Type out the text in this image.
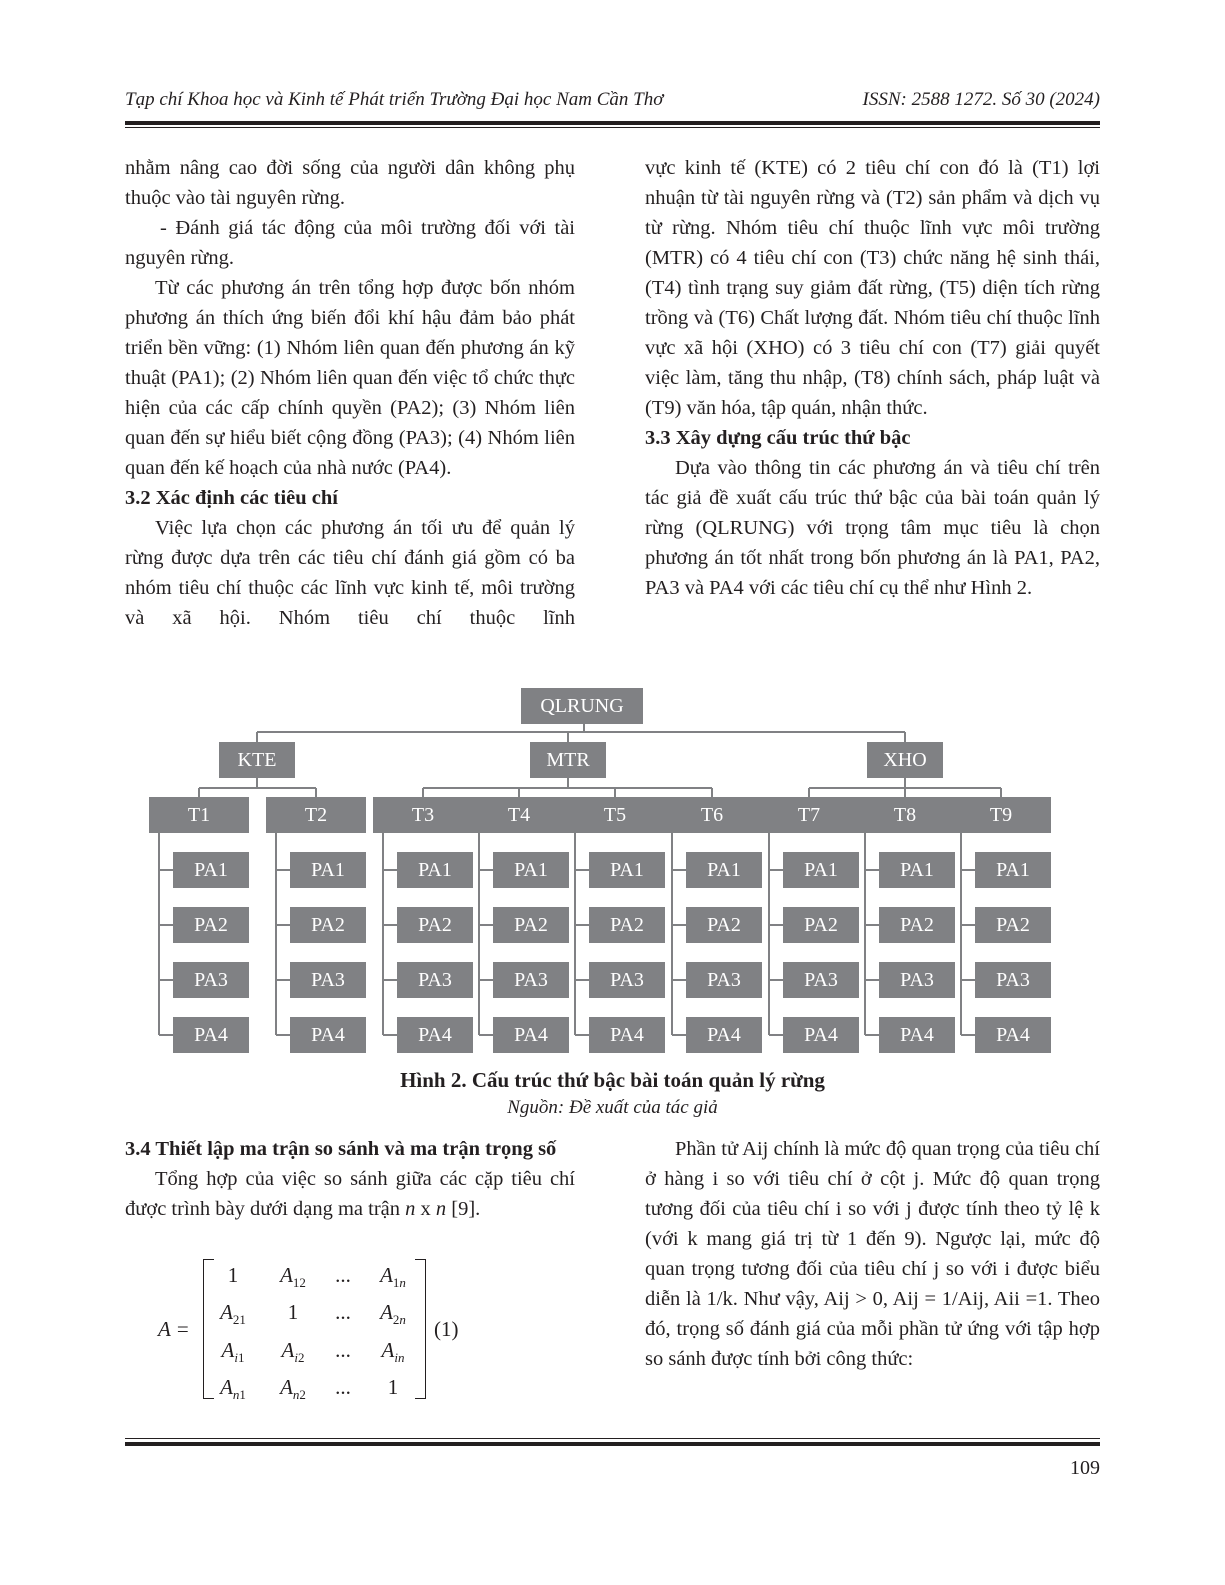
Tạp chí Khoa học và Kinh tế Phát triển Trường Đại học Nam Cần Thơ	ISSN: 2588 1272. Số 30 (2024)

nhằm nâng cao đời sống của người dân không phụ thuộc vào tài nguyên rừng.

- Đánh giá tác động của môi trường đối với tài nguyên rừng.

Từ các phương án trên tổng hợp được bốn nhóm phương án thích ứng biến đổi khí hậu đảm bảo phát triển bền vững: (1) Nhóm liên quan đến phương án kỹ thuật (PA1); (2) Nhóm liên quan đến việc tổ chức thực hiện của các cấp chính quyền (PA2); (3) Nhóm liên quan đến sự hiểu biết cộng đồng (PA3); (4) Nhóm liên quan đến kế hoạch của nhà nước (PA4).

3.2 Xác định các tiêu chí

Việc lựa chọn các phương án tối ưu để quản lý rừng được dựa trên các tiêu chí đánh giá gồm có ba nhóm tiêu chí thuộc các lĩnh vực kinh tế, môi trường và xã hội. Nhóm tiêu chí thuộc lĩnh

vực kinh tế (KTE) có 2 tiêu chí con đó là (T1) lợi nhuận từ tài nguyên rừng và (T2) sản phẩm và dịch vụ từ rừng. Nhóm tiêu chí thuộc lĩnh vực môi trường (MTR) có 4 tiêu chí con (T3) chức năng hệ sinh thái, (T4) tình trạng suy giảm đất rừng, (T5) diện tích rừng trồng và (T6) Chất lượng đất. Nhóm tiêu chí thuộc lĩnh vực xã hội (XHO) có 3 tiêu chí con (T7) giải quyết việc làm, tăng thu nhập, (T8) chính sách, pháp luật và (T9) văn hóa, tập quán, nhận thức.

3.3 Xây dựng cấu trúc thứ bậc

Dựa vào thông tin các phương án và tiêu chí trên tác giả đề xuất cấu trúc thứ bậc của bài toán quản lý rừng (QLRUNG) với trọng tâm mục tiêu là chọn phương án tốt nhất trong bốn phương án là PA1, PA2, PA3 và PA4 với các tiêu chí cụ thể như Hình 2.

QLRUNG
KTE
T1
PA1
PA2
PA3
PA4
T2
PA1
PA2
PA3
PA4
MTR
T3
PA1
PA2
PA3
PA4
T4
PA1
PA2
PA3
PA4
T5
PA1
PA2
PA3
PA4
T6
PA1
PA2
PA3
PA4
XHO
T7
PA1
PA2
PA3
PA4
T8
PA1
PA2
PA3
PA4
T9
PA1
PA2
PA3
PA4
Hình 2. Cấu trúc thứ bậc bài toán quản lý rừng
Nguồn: Đề xuất của tác giả
3.4 Thiết lập ma trận so sánh và ma trận trọng số

Tổng hợp của việc so sánh giữa các cặp tiêu chí được trình bày dưới dạng ma trận n x n [9].

A =	(1)
1	$A_{12}$	...	$A_{1n}$
$A_{21}$	1	...	$A_{2n}$
$A_{i1}$	$A_{i2}$	...	$A_{in}$
$A_{n1}$	$A_{n2}$	...	1

Phần tử Aij chính là mức độ quan trọng của tiêu chí ở hàng i so với tiêu chí ở cột j. Mức độ quan trọng tương đối của tiêu chí i so với j được tính theo tỷ lệ k (với k mang giá trị từ 1 đến 9). Ngược lại, mức độ quan trọng tương đối của tiêu chí j so với i được biểu diễn là 1/k. Như vậy, Aij > 0, Aij = 1/Aij, Aii =1. Theo đó, trọng số đánh giá của mỗi phần tử ứng với tập hợp so sánh được tính bởi công thức:

109
